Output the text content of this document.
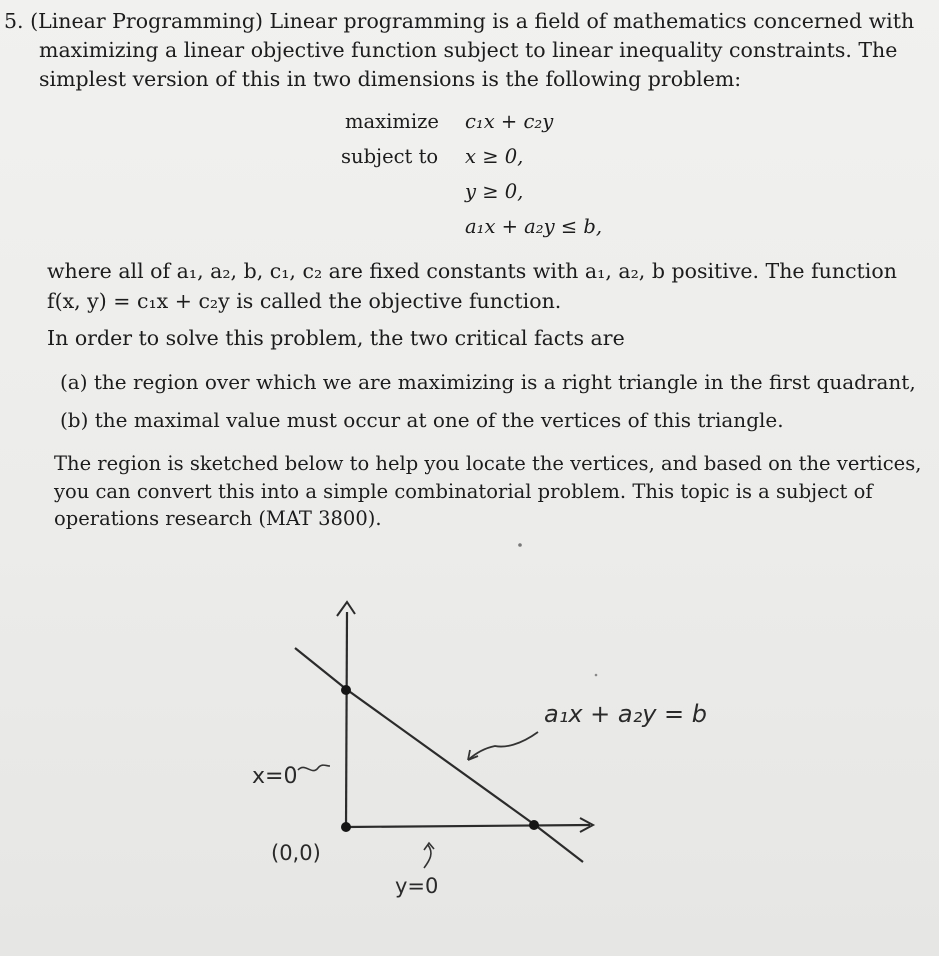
5. (Linear Programming) Linear programming is a field of mathematics concerned with
maximizing a linear objective function subject to linear inequality constraints. The
simplest version of this in two dimensions is the following problem:
maximize c₁x + c₂y
subject to x ≥ 0,
y ≥ 0,
a₁x + a₂y ≤ b,
where all of a₁, a₂, b, c₁, c₂ are fixed constants with a₁, a₂, b positive. The function
f(x, y) = c₁x + c₂y is called the objective function.
In order to solve this problem, the two critical facts are
(a) the region over which we are maximizing is a right triangle in the first quadrant,
(b) the maximal value must occur at one of the vertices of this triangle.
The region is sketched below to help you locate the vertices, and based on the vertices,
you can convert this into a simple combinatorial problem. This topic is a subject of
operations research (MAT 3800).
a₁x + a₂y = b
x=0
(0,0)
y=0
